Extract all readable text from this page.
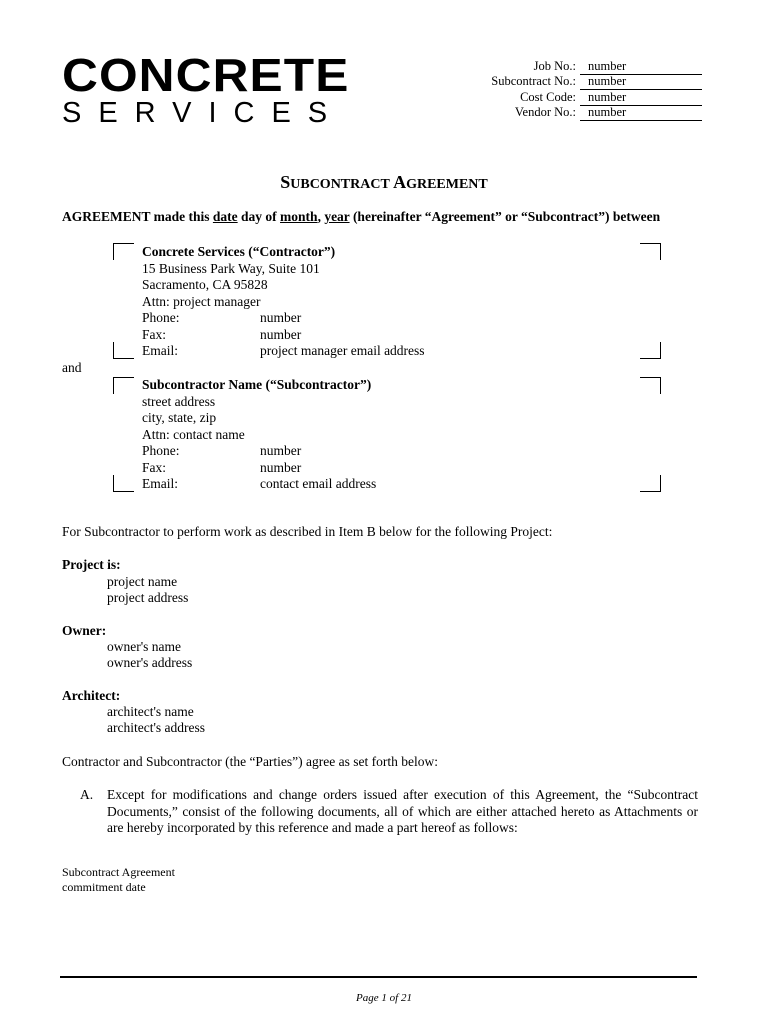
CONCRETE
SERVICES
Job No.: number
Subcontract No.: number
Cost Code: number
Vendor No.: number
SUBCONTRACT AGREEMENT
AGREEMENT made this date day of month, year (hereinafter “Agreement” or “Subcontract”) between
Concrete Services (“Contractor”)
15 Business Park Way, Suite 101
Sacramento, CA 95828
Attn: project manager
Phone:	number
Fax:	number
Email:	project manager email address
and
Subcontractor Name (“Subcontractor”)
street address
city, state, zip
Attn: contact name
Phone:	number
Fax:	number
Email:	contact email address
For Subcontractor to perform work as described in Item B below for the following Project:
Project is:
project name
project address
Owner:
owner's name
owner's address
Architect:
architect's name
architect's address
Contractor and Subcontractor (the “Parties”) agree as set forth below:
A. Except for modifications and change orders issued after execution of this Agreement, the “Subcontract Documents,” consist of the following documents, all of which are either attached hereto as Attachments or are hereby incorporated by this reference and made a part hereof as follows:
Subcontract Agreement
commitment date
Page 1 of 21
